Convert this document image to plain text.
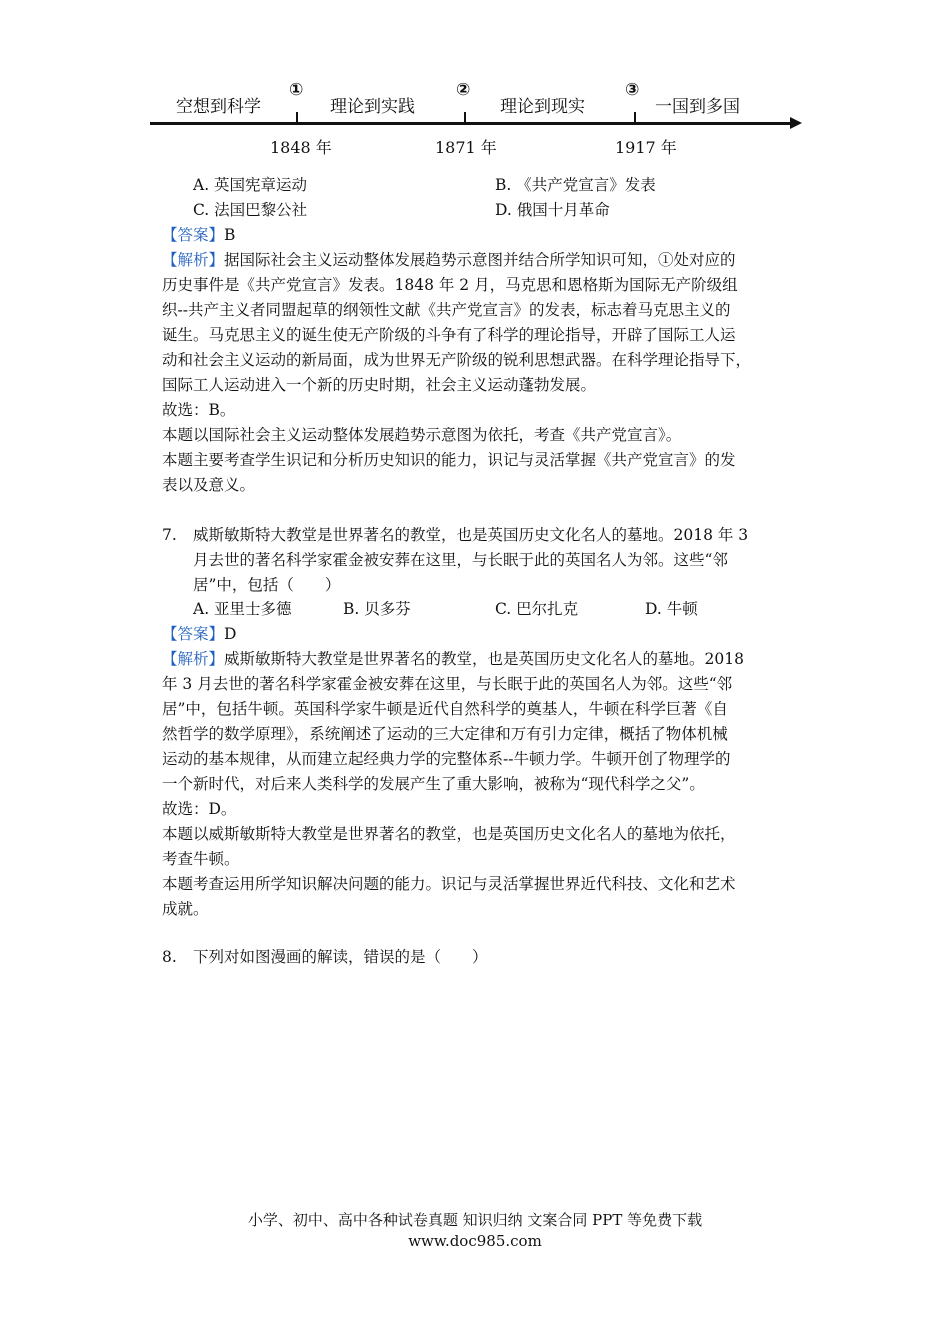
空想到科学
①
理论到实践
②
理论到现实
③
一国到多国
1848 年	1871 年	1917 年
A. 英国宪章运动	B. 《共产党宣言》发表
C. 法国巴黎公社	D. 俄国十月革命
【答案】B
【解析】据国际社会主义运动整体发展趋势示意图并结合所学知识可知，①处对应的
历史事件是《共产党宣言》发表。1848 年 2 月，马克思和恩格斯为国际无产阶级组
织--共产主义者同盟起草的纲领性文献《共产党宣言》的发表，标志着马克思主义的
诞生。马克思主义的诞生使无产阶级的斗争有了科学的理论指导，开辟了国际工人运
动和社会主义运动的新局面，成为世界无产阶级的锐利思想武器。在科学理论指导下，
国际工人运动进入一个新的历史时期，社会主义运动蓬勃发展。
故选：B。
本题以国际社会主义运动整体发展趋势示意图为依托，考查《共产党宣言》。
本题主要考查学生识记和分析历史知识的能力，识记与灵活掌握《共产党宣言》的发
表以及意义。
7. 威斯敏斯特大教堂是世界著名的教堂，也是英国历史文化名人的墓地。2018 年 3
月去世的著名科学家霍金被安葬在这里，与长眠于此的英国名人为邻。这些“邻
居”中，包括（　　）
A. 亚里士多德	B. 贝多芬	C. 巴尔扎克	D. 牛顿
【答案】D
【解析】威斯敏斯特大教堂是世界著名的教堂，也是英国历史文化名人的墓地。2018
年 3 月去世的著名科学家霍金被安葬在这里，与长眠于此的英国名人为邻。这些“邻
居”中，包括牛顿。英国科学家牛顿是近代自然科学的奠基人，牛顿在科学巨著《自
然哲学的数学原理》，系统阐述了运动的三大定律和万有引力定律，概括了物体机械
运动的基本规律，从而建立起经典力学的完整体系--牛顿力学。牛顿开创了物理学的
一个新时代，对后来人类科学的发展产生了重大影响，被称为“现代科学之父”。
故选：D。
本题以威斯敏斯特大教堂是世界著名的教堂，也是英国历史文化名人的墓地为依托，
考查牛顿。
本题考查运用所学知识解决问题的能力。识记与灵活掌握世界近代科技、文化和艺术
成就。
8. 下列对如图漫画的解读，错误的是（　　）
小学、初中、高中各种试卷真题 知识归纳 文案合同 PPT 等免费下载
www.doc985.com
